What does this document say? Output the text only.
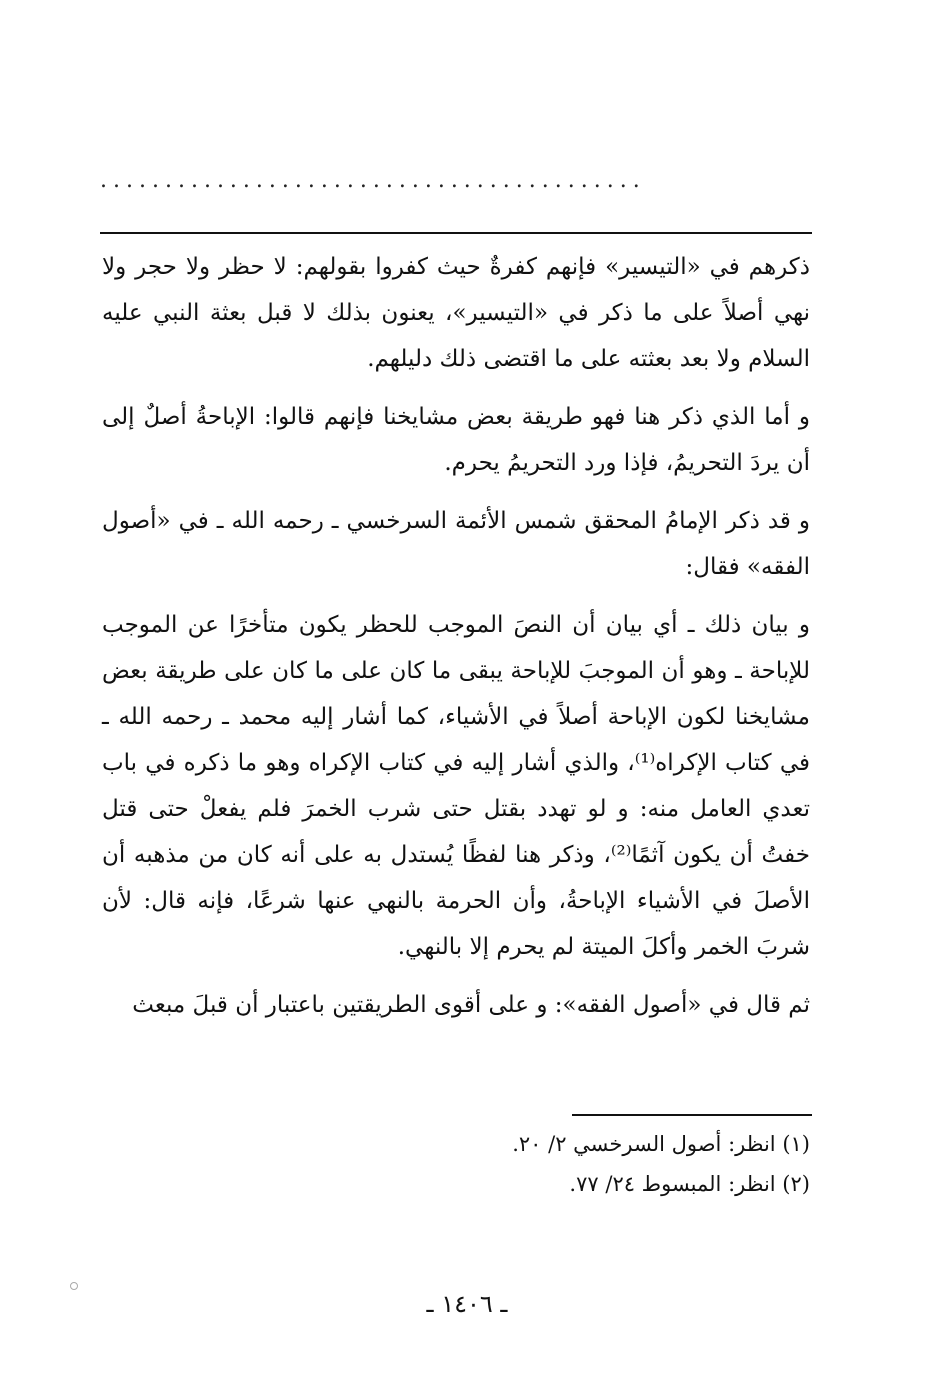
..........................................

ذكرهم في «التيسير» فإنهم كفرةٌ حيث كفروا بقولهم: لا حظر ولا حجر ولا نهي أصلاً على ما ذكر في «التيسير»، يعنون بذلك لا قبل بعثة النبي عليه السلام ولا بعد بعثته على ما اقتضى ذلك دليلهم.

و أما الذي ذكر هنا فهو طريقة بعض مشايخنا فإنهم قالوا: الإباحةُ أصلٌ إلى أن يردَ التحريمُ، فإذا ورد التحريمُ يحرم.

و قد ذكر الإمامُ المحقق شمس الأئمة السرخسي ـ رحمه الله ـ في «أصول الفقه» فقال:

و بيان ذلك ـ أي بيان أن النصَ الموجب للحظر يكون متأخرًا عن الموجب للإباحة ـ وهو أن الموجبَ للإباحة يبقى ما كان على ما كان على طريقة بعض مشايخنا لكون الإباحة أصلاً في الأشياء، كما أشار إليه محمد ـ رحمه الله ـ في كتاب الإكراه⁽¹⁾، والذي أشار إليه في كتاب الإكراه وهو ما ذكره في باب تعدي العامل منه: و لو تهدد بقتل حتى شرب الخمرَ فلم يفعلْ حتى قتل خفتُ أن يكون آثمًا⁽²⁾، وذكر هنا لفظًا يُستدل به على أنه كان من مذهبه أن الأصلَ في الأشياء الإباحةُ، وأن الحرمة بالنهي عنها شرعًا، فإنه قال: لأن شربَ الخمر وأكلَ الميتة لم يحرم إلا بالنهي.

ثم قال في «أصول الفقه»: و على أقوى الطريقتين باعتبار أن قبلَ مبعث

(١) انظر: أصول السرخسي ٢/ ٢٠.

(٢) انظر: المبسوط ٢٤/ ٧٧.

ـ ١٤٠٦ ـ
